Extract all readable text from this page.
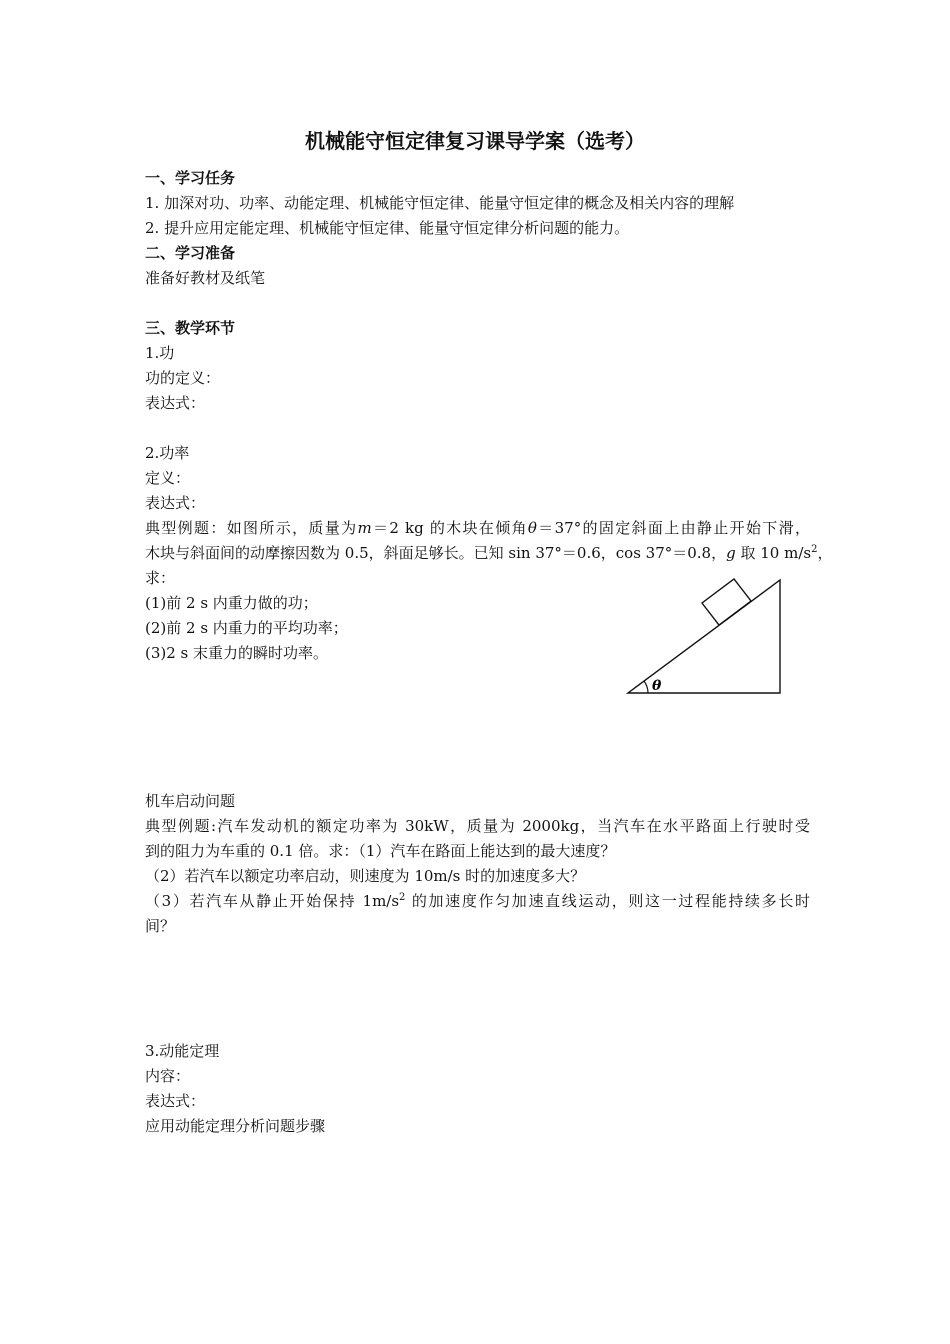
机械能守恒定律复习课导学案（选考）
一、学习任务
1. 加深对功、功率、动能定理、机械能守恒定律、能量守恒定律的概念及相关内容的理解
2. 提升应用定能定理、机械能守恒定律、能量守恒定律分析问题的能力。
二、学习准备
准备好教材及纸笔
三、教学环节
1.功
功的定义：
表达式：
2.功率
定义：
表达式：
典型例题：如图所示，质量为m＝2 kg 的木块在倾角θ＝37°的固定斜面上由静止开始下滑，
木块与斜面间的动摩擦因数为 0.5，斜面足够长。已知 sin 37°＝0.6，cos 37°＝0.8，g 取 10 $m/s^2$，
求：
(1)前 2 s 内重力做的功；
(2)前 2 s 内重力的平均功率；
(3)2 s 末重力的瞬时功率。
θ
机车启动问题
典型例题:汽车发动机的额定功率为 30kW，质量为 2000kg，当汽车在水平路面上行驶时受
到的阻力为车重的 0.1 倍。求：（1）汽车在路面上能达到的最大速度？
（2）若汽车以额定功率启动，则速度为 10m/s 时的加速度多大？
（3）若汽车从静止开始保持 $1m/s^2$ 的加速度作匀加速直线运动，则这一过程能持续多长时
间？
3.动能定理
内容：
表达式：
应用动能定理分析问题步骤
